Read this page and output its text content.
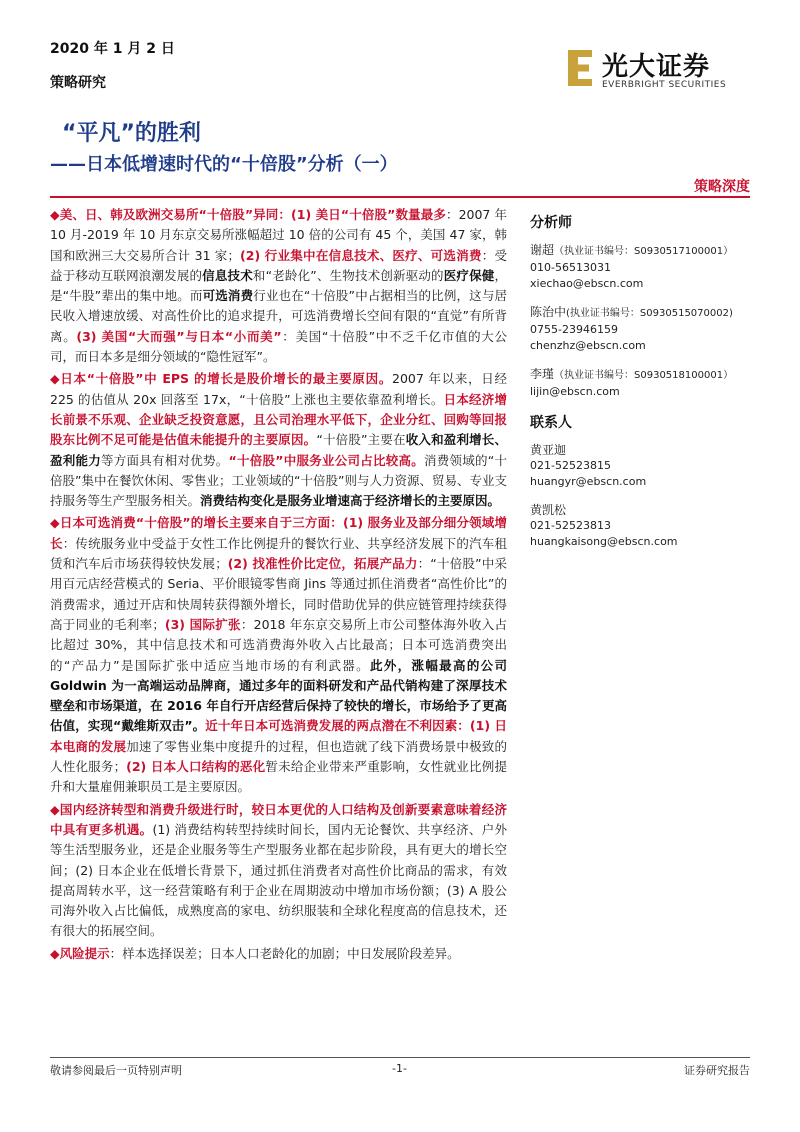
2020 年 1 月 2 日
策略研究
光大证券
EVERBRIGHT SECURITIES
“平凡”的胜利
——日本低增速时代的“十倍股”分析（一）
策略深度

◆美、日、韩及欧洲交易所“十倍股”异同：(1) 美日“十倍股”数量最多：2007 年 10 月-2019 年 10 月东京交易所涨幅超过 10 倍的公司有 45 个，美国 47 家，韩国和欧洲三大交易所合计 31 家；(2) 行业集中在信息技术、医疗、可选消费：受益于移动互联网浪潮发展的信息技术和“老龄化”、生物技术创新驱动的医疗保健，是“牛股”辈出的集中地。而可选消费行业也在“十倍股”中占据相当的比例，这与居民收入增速放缓、对高性价比的追求提升，可选消费增长空间有限的“直觉”有所背离。(3) 美国“大而强”与日本“小而美”：美国“十倍股”中不乏千亿市值的大公司，而日本多是细分领域的“隐性冠军”。

◆日本“十倍股”中 EPS 的增长是股价增长的最主要原因。2007 年以来，日经 225 的估值从 20x 回落至 17x，“十倍股”上涨也主要依靠盈利增长。日本经济增长前景不乐观、企业缺乏投资意愿，且公司治理水平低下，企业分红、回购等回报股东比例不足可能是估值未能提升的主要原因。“十倍股”主要在收入和盈利增长、盈利能力等方面具有相对优势。“十倍股”中服务业公司占比较高。消费领域的“十倍股”集中在餐饮休闲、零售业；工业领域的“十倍股”则与人力资源、贸易、专业支持服务等生产型服务相关。消费结构变化是服务业增速高于经济增长的主要原因。

◆日本可选消费“十倍股”的增长主要来自于三方面：(1) 服务业及部分细分领域增长：传统服务业中受益于女性工作比例提升的餐饮行业、共享经济发展下的汽车租赁和汽车后市场获得较快发展；(2) 找准性价比定位，拓展产品力：“十倍股”中采用百元店经营模式的 Seria、平价眼镜零售商 Jins 等通过抓住消费者“高性价比”的消费需求，通过开店和快周转获得额外增长，同时借助优异的供应链管理持续获得高于同业的毛利率；(3) 国际扩张：2018 年东京交易所上市公司整体海外收入占比超过 30%，其中信息技术和可选消费海外收入占比最高；日本可选消费突出的“产品力”是国际扩张中适应当地市场的有利武器。此外，涨幅最高的公司 Goldwin 为一高端运动品牌商，通过多年的面料研发和产品代销构建了深厚技术壁垒和市场渠道，在 2016 年自行开店经营后保持了较快的增长，市场给予了更高估值，实现“戴维斯双击”。近十年日本可选消费发展的两点潜在不利因素：(1) 日本电商的发展加速了零售业集中度提升的过程，但也造就了线下消费场景中极致的人性化服务；(2) 日本人口结构的恶化暂未给企业带来严重影响，女性就业比例提升和大量雇佣兼职员工是主要原因。

◆国内经济转型和消费升级进行时，较日本更优的人口结构及创新要素意味着经济中具有更多机遇。(1) 消费结构转型持续时间长，国内无论餐饮、共享经济、户外等生活型服务业，还是企业服务等生产型服务业都在起步阶段，具有更大的增长空间；(2) 日本企业在低增长背景下，通过抓住消费者对高性价比商品的需求，有效提高周转水平，这一经营策略有利于企业在周期波动中增加市场份额；(3) A 股公司海外收入占比偏低，成熟度高的家电、纺织服装和全球化程度高的信息技术，还有很大的拓展空间。

◆风险提示：样本选择误差；日本人口老龄化的加剧；中日发展阶段差异。

分析师
谢超（执业证书编号：S0930517100001）
010-56513031
xiechao@ebscn.com
陈治中(执业证书编号：S0930515070002)
0755-23946159
chenzhz@ebscn.com
李瑾（执业证书编号：S0930518100001）
lijin@ebscn.com
联系人
黄亚迦
021-52523815
huangyr@ebscn.com
黄凯松
021-52523813
huangkaisong@ebscn.com
敬请参阅最后一页特别声明	-1-	证券研究报告
